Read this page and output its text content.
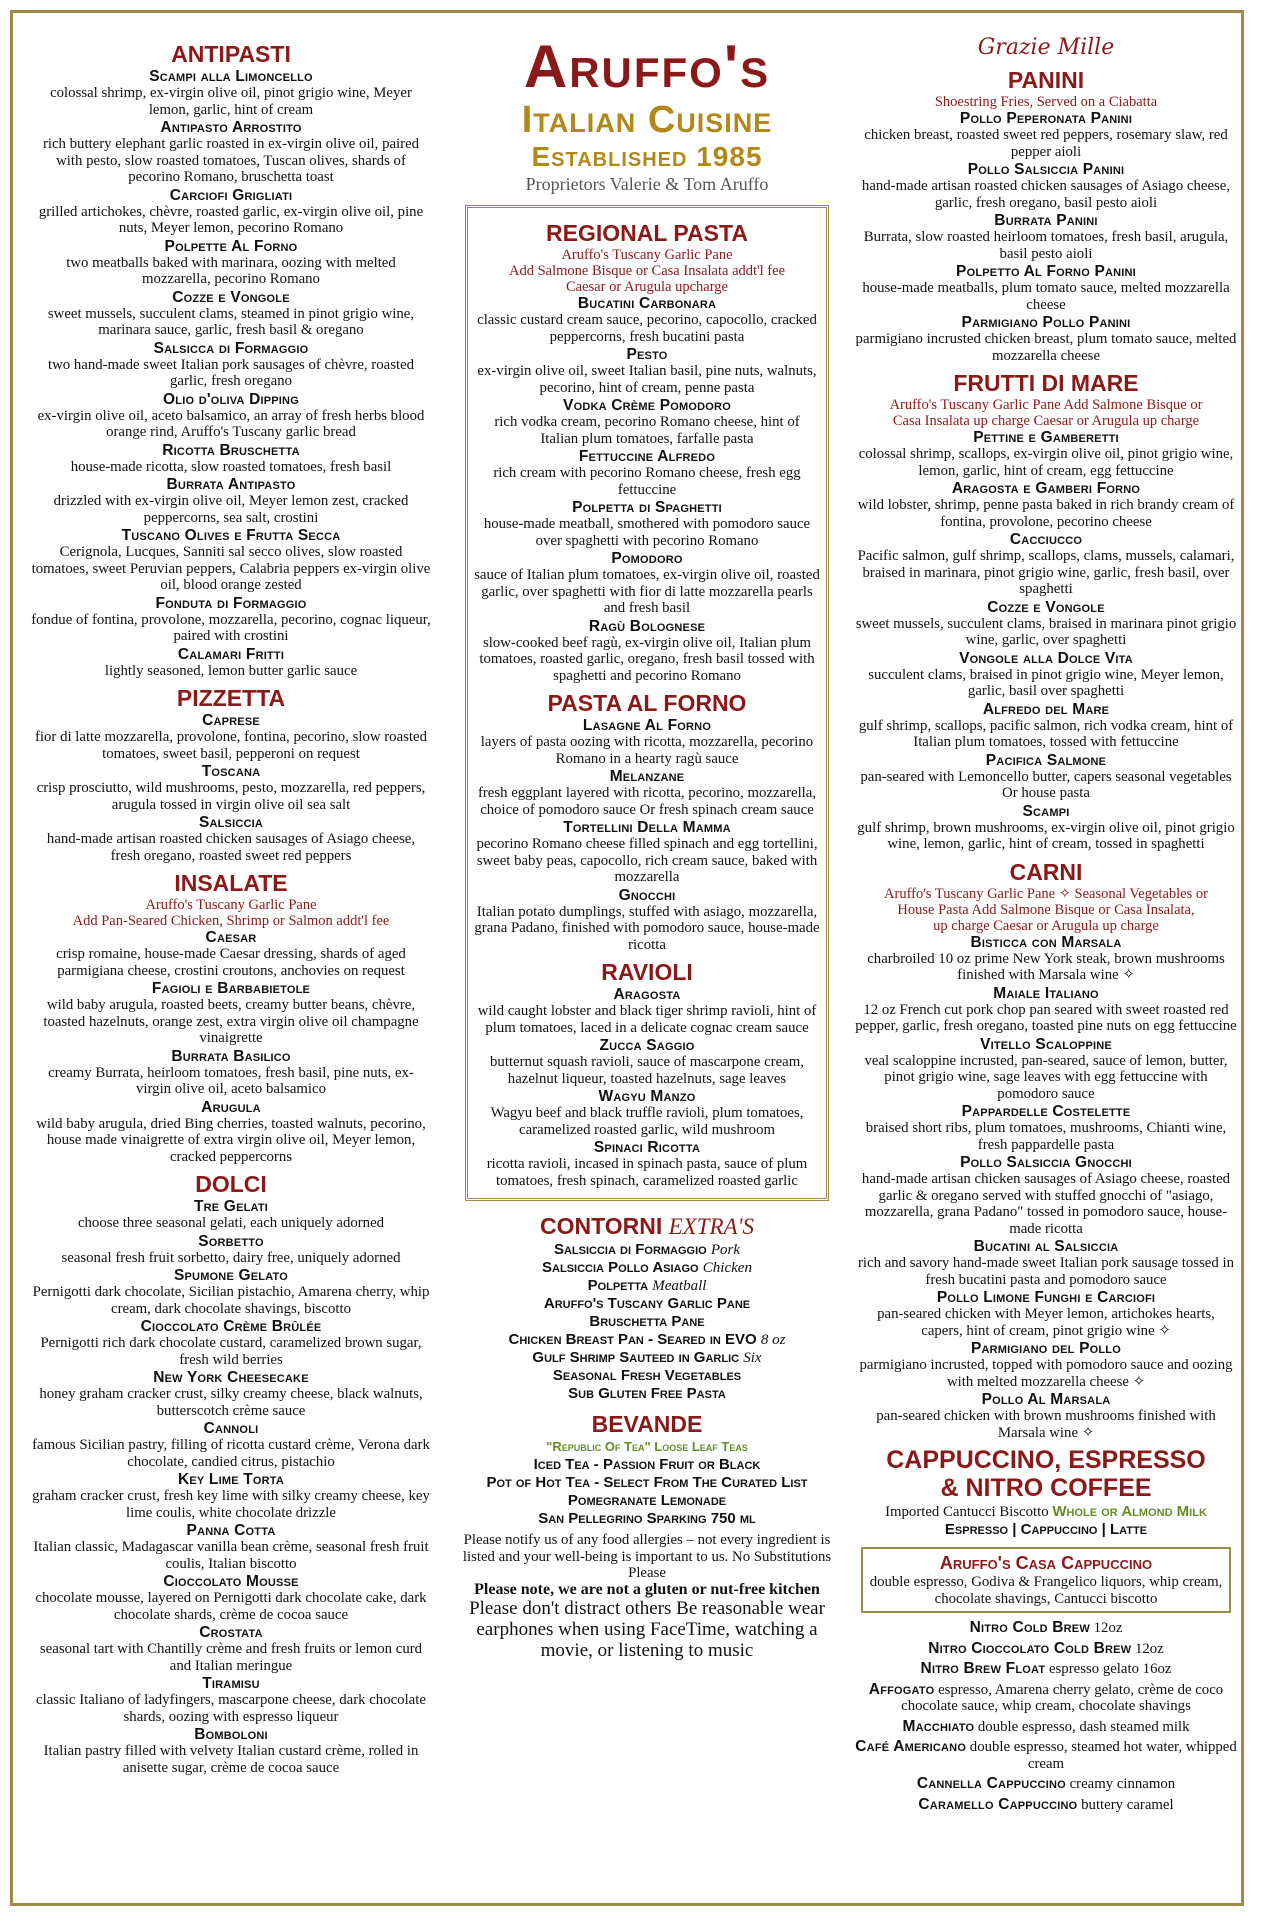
ANTIPASTI
Scampi alla Limoncello
colossal shrimp, ex-virgin olive oil, pinot grigio wine, Meyer lemon, garlic, hint of cream
Antipasto Arrostito
rich buttery elephant garlic roasted in ex-virgin olive oil, paired with pesto, slow roasted tomatoes, Tuscan olives, shards of pecorino Romano, bruschetta toast
Carciofi Grigliati
grilled artichokes, chèvre, roasted garlic, ex-virgin olive oil, pine nuts, Meyer lemon, pecorino Romano
Polpette Al Forno
two meatballs baked with marinara, oozing with melted mozzarella, pecorino Romano
Cozze e Vongole
sweet mussels, succulent clams, steamed in pinot grigio wine, marinara sauce, garlic, fresh basil & oregano
Salsicca di Formaggio
two hand-made sweet Italian pork sausages of chèvre, roasted garlic, fresh oregano
Olio d'oliva Dipping
ex-virgin olive oil, aceto balsamico, an array of fresh herbs blood orange rind, Aruffo's Tuscany garlic bread
Ricotta Bruschetta
house-made ricotta, slow roasted tomatoes, fresh basil
Burrata Antipasto
drizzled with ex-virgin olive oil, Meyer lemon zest, cracked peppercorns, sea salt, crostini
Tuscano Olives e Frutta Secca
Cerignola, Lucques, Sanniti sal secco olives, slow roasted tomatoes, sweet Peruvian peppers, Calabria peppers ex-virgin olive oil, blood orange zested
Fonduta di Formaggio
fondue of fontina, provolone, mozzarella, pecorino, cognac liqueur, paired with crostini
Calamari Fritti
lightly seasoned, lemon butter garlic sauce
PIZZETTA
Caprese
fior di latte mozzarella, provolone, fontina, pecorino, slow roasted tomatoes, sweet basil, pepperoni on request
Toscana
crisp prosciutto, wild mushrooms, pesto, mozzarella, red peppers, arugula tossed in virgin olive oil sea salt
Salsiccia
hand-made artisan roasted chicken sausages of Asiago cheese, fresh oregano, roasted sweet red peppers
INSALATE
Aruffo's Tuscany Garlic Pane
Add Pan-Seared Chicken, Shrimp or Salmon addt'l fee
Caesar
crisp romaine, house-made Caesar dressing, shards of aged parmigiana cheese, crostini croutons, anchovies on request
Fagioli e Barbabietole
wild baby arugula, roasted beets, creamy butter beans, chèvre, toasted hazelnuts, orange zest, extra virgin olive oil champagne vinaigrette
Burrata Basilico
creamy Burrata, heirloom tomatoes, fresh basil, pine nuts, ex-virgin olive oil, aceto balsamico
Arugula
wild baby arugula, dried Bing cherries, toasted walnuts, pecorino, house made vinaigrette of extra virgin olive oil, Meyer lemon, cracked peppercorns
DOLCI
Tre Gelati
choose three seasonal gelati, each uniquely adorned
Sorbetto
seasonal fresh fruit sorbetto, dairy free, uniquely adorned
Spumone Gelato
Pernigotti dark chocolate, Sicilian pistachio, Amarena cherry, whip cream, dark chocolate shavings, biscotto
Cioccolato Crème Brûlée
Pernigotti rich dark chocolate custard, caramelized brown sugar, fresh wild berries
New York Cheesecake
honey graham cracker crust, silky creamy cheese, black walnuts, butterscotch crème sauce
Cannoli
famous Sicilian pastry, filling of ricotta custard crème, Verona dark chocolate, candied citrus, pistachio
Key Lime Torta
graham cracker crust, fresh key lime with silky creamy cheese, key lime coulis, white chocolate drizzle
Panna Cotta
Italian classic, Madagascar vanilla bean crème, seasonal fresh fruit coulis, Italian biscotto
Cioccolato Mousse
chocolate mousse, layered on Pernigotti dark chocolate cake, dark chocolate shards, crème de cocoa sauce
Crostata
seasonal tart with Chantilly crème and fresh fruits or lemon curd and Italian meringue
Tiramisu
classic Italiano of ladyfingers, mascarpone cheese, dark chocolate shards, oozing with espresso liqueur
Bomboloni
Italian pastry filled with velvety Italian custard crème, rolled in anisette sugar, crème de cocoa sauce
Aruffo's
Italian Cuisine
Established 1985
Proprietors Valerie & Tom Aruffo
REGIONAL PASTA
Aruffo's Tuscany Garlic Pane
Add Salmone Bisque or Casa Insalata addt'l fee
Caesar or Arugula upcharge
Bucatini Carbonara
classic custard cream sauce, pecorino, capocollo, cracked peppercorns, fresh bucatini pasta
Pesto
ex-virgin olive oil, sweet Italian basil, pine nuts, walnuts, pecorino, hint of cream, penne pasta
Vodka Crème Pomodoro
rich vodka cream, pecorino Romano cheese, hint of Italian plum tomatoes, farfalle pasta
Fettuccine Alfredo
rich cream with pecorino Romano cheese, fresh egg fettuccine
Polpetta di Spaghetti
house-made meatball, smothered with pomodoro sauce over spaghetti with pecorino Romano
Pomodoro
sauce of Italian plum tomatoes, ex-virgin olive oil, roasted garlic, over spaghetti with fior di latte mozzarella pearls and fresh basil
Ragù Bolognese
slow-cooked beef ragù, ex-virgin olive oil, Italian plum tomatoes, roasted garlic, oregano, fresh basil tossed with spaghetti and pecorino Romano
PASTA AL FORNO
Lasagne Al Forno
layers of pasta oozing with ricotta, mozzarella, pecorino Romano in a hearty ragù sauce
Melanzane
fresh eggplant layered with ricotta, pecorino, mozzarella, choice of pomodoro sauce Or fresh spinach cream sauce
Tortellini Della Mamma
pecorino Romano cheese filled spinach and egg tortellini, sweet baby peas, capocollo, rich cream sauce, baked with mozzarella
Gnocchi
Italian potato dumplings, stuffed with asiago, mozzarella, grana Padano, finished with pomodoro sauce, house-made ricotta
RAVIOLI
Aragosta
wild caught lobster and black tiger shrimp ravioli, hint of plum tomatoes, laced in a delicate cognac cream sauce
Zucca Saggio
butternut squash ravioli, sauce of mascarpone cream, hazelnut liqueur, toasted hazelnuts, sage leaves
Wagyu Manzo
Wagyu beef and black truffle ravioli, plum tomatoes, caramelized roasted garlic, wild mushroom
Spinaci Ricotta
ricotta ravioli, incased in spinach pasta, sauce of plum tomatoes, fresh spinach, caramelized roasted garlic
CONTORNI EXTRA'S
Salsiccia di Formaggio Pork
Salsiccia Pollo Asiago Chicken
Polpetta Meatball
Aruffo's Tuscany Garlic Pane
Bruschetta Pane
Chicken Breast Pan - Seared in EVO 8 oz
Gulf Shrimp Sauteed in Garlic Six
Seasonal Fresh Vegetables
Sub Gluten Free Pasta
BEVANDE
"Republic Of Tea" Loose Leaf Teas
Iced Tea - Passion Fruit or Black
Pot of Hot Tea - Select From The Curated List
Pomegranate Lemonade
San Pellegrino Sparking 750 ml
Please notify us of any food allergies – not every ingredient is listed and your well-being is important to us. No Substitutions Please
Please note, we are not a gluten or nut-free kitchen
Please don't distract others Be reasonable wear earphones when using FaceTime, watching a movie, or listening to music
Grazie Mille
PANINI
Shoestring Fries, Served on a Ciabatta
Pollo Peperonata Panini
chicken breast, roasted sweet red peppers, rosemary slaw, red pepper aioli
Pollo Salsiccia Panini
hand-made artisan roasted chicken sausages of Asiago cheese, garlic, fresh oregano, basil pesto aioli
Burrata Panini
Burrata, slow roasted heirloom tomatoes, fresh basil, arugula, basil pesto aioli
Polpetto Al Forno Panini
house-made meatballs, plum tomato sauce, melted mozzarella cheese
Parmigiano Pollo Panini
parmigiano incrusted chicken breast, plum tomato sauce, melted mozzarella cheese
FRUTTI DI MARE
Aruffo's Tuscany Garlic Pane Add Salmone Bisque or
Casa Insalata up charge Caesar or Arugula up charge
Pettine e Gamberetti
colossal shrimp, scallops, ex-virgin olive oil, pinot grigio wine, lemon, garlic, hint of cream, egg fettuccine
Aragosta e Gamberi Forno
wild lobster, shrimp, penne pasta baked in rich brandy cream of fontina, provolone, pecorino cheese
Cacciucco
Pacific salmon, gulf shrimp, scallops, clams, mussels, calamari, braised in marinara, pinot grigio wine, garlic, fresh basil, over spaghetti
Cozze e Vongole
sweet mussels, succulent clams, braised in marinara pinot grigio wine, garlic, over spaghetti
Vongole alla Dolce Vita
succulent clams, braised in pinot grigio wine, Meyer lemon, garlic, basil over spaghetti
Alfredo del Mare
gulf shrimp, scallops, pacific salmon, rich vodka cream, hint of Italian plum tomatoes, tossed with fettuccine
Pacifica Salmone
pan-seared with Lemoncello butter, capers seasonal vegetables Or house pasta
Scampi
gulf shrimp, brown mushrooms, ex-virgin olive oil, pinot grigio wine, lemon, garlic, hint of cream, tossed in spaghetti
CARNI
Aruffo's Tuscany Garlic Pane ✧ Seasonal Vegetables or
House Pasta Add Salmone Bisque or Casa Insalata,
up charge Caesar or Arugula up charge
Bisticca con Marsala
charbroiled 10 oz prime New York steak, brown mushrooms finished with Marsala wine ✧
Maiale Italiano
12 oz French cut pork chop pan seared with sweet roasted red pepper, garlic, fresh oregano, toasted pine nuts on egg fettuccine
Vitello Scaloppine
veal scaloppine incrusted, pan-seared, sauce of lemon, butter, pinot grigio wine, sage leaves with egg fettuccine with pomodoro sauce
Pappardelle Costelette
braised short ribs, plum tomatoes, mushrooms, Chianti wine, fresh pappardelle pasta
Pollo Salsiccia Gnocchi
hand-made artisan chicken sausages of Asiago cheese, roasted garlic & oregano served with stuffed gnocchi of "asiago, mozzarella, grana Padano" tossed in pomodoro sauce, house-made ricotta
Bucatini al Salsiccia
rich and savory hand-made sweet Italian pork sausage tossed in fresh bucatini pasta and pomodoro sauce
Pollo Limone Funghi e Carciofi
pan-seared chicken with Meyer lemon, artichokes hearts, capers, hint of cream, pinot grigio wine ✧
Parmigiano del Pollo
parmigiano incrusted, topped with pomodoro sauce and oozing with melted mozzarella cheese ✧
Pollo Al Marsala
pan-seared chicken with brown mushrooms finished with Marsala wine ✧
CAPPUCCINO, ESPRESSO
& NITRO COFFEE
Imported Cantucci Biscotto Whole or Almond Milk
Espresso | Cappuccino | Latte
Aruffo's Casa Cappuccino
double espresso, Godiva & Frangelico liquors, whip cream, chocolate shavings, Cantucci biscotto
Nitro Cold Brew 12oz
Nitro Cioccolato Cold Brew 12oz
Nitro Brew Float espresso gelato 16oz
Affogato espresso, Amarena cherry gelato, crème de coco chocolate sauce, whip cream, chocolate shavings
Macchiato double espresso, dash steamed milk
Café Americano double espresso, steamed hot water, whipped cream
Cannella Cappuccino creamy cinnamon
Caramello Cappuccino buttery caramel
